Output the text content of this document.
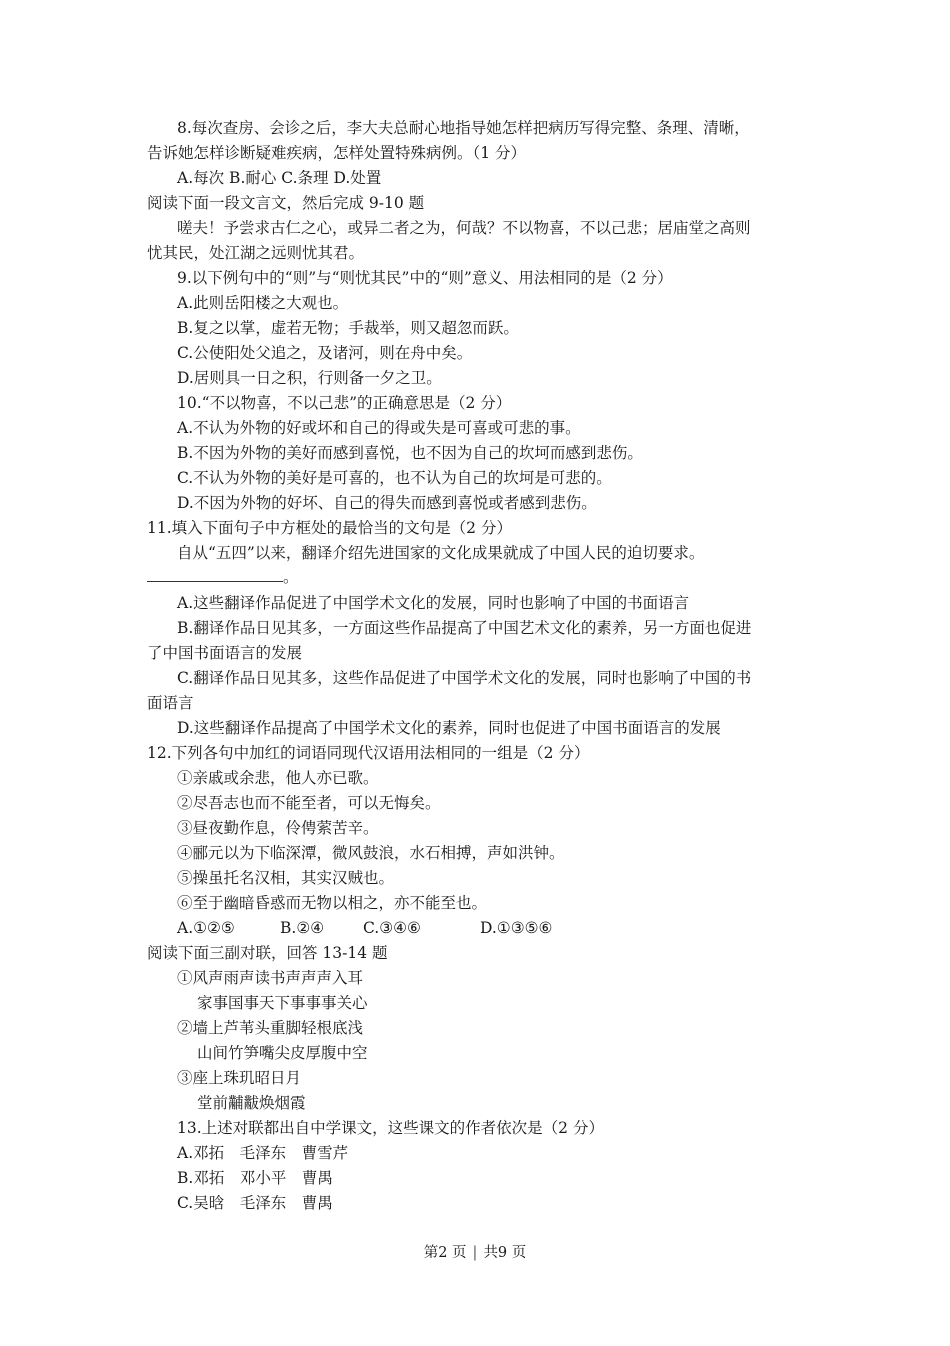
8.每次查房、会诊之后，李大夫总耐心地指导她怎样把病历写得完整、条理、清晰，
告诉她怎样诊断疑难疾病，怎样处置特殊病例。（1 分）
A.每次 B.耐心 C.条理 D.处置
阅读下面一段文言文，然后完成 9-10 题
嗟夫！予尝求古仁之心，或异二者之为，何哉？不以物喜，不以己悲；居庙堂之高则
忧其民，处江湖之远则忧其君。
9.以下例句中的“则”与“则忧其民”中的“则”意义、用法相同的是（2 分）
A.此则岳阳楼之大观也。
B.复之以掌，虚若无物；手裁举，则又超忽而跃。
C.公使阳处父追之，及诸河，则在舟中矣。
D.居则具一日之积，行则备一夕之卫。
10.“不以物喜，不以己悲”的正确意思是（2 分）
A.不认为外物的好或坏和自己的得或失是可喜或可悲的事。
B.不因为外物的美好而感到喜悦，也不因为自己的坎坷而感到悲伤。
C.不认为外物的美好是可喜的，也不认为自己的坎坷是可悲的。
D.不因为外物的好坏、自己的得失而感到喜悦或者感到悲伤。
11.填入下面句子中方框处的最恰当的文句是（2 分）
自从“五四”以来，翻译介绍先进国家的文化成果就成了中国人民的迫切要求。
。
A.这些翻译作品促进了中国学术文化的发展，同时也影响了中国的书面语言
B.翻译作品日见其多，一方面这些作品提高了中国艺术文化的素养，另一方面也促进
了中国书面语言的发展
C.翻译作品日见其多，这些作品促进了中国学术文化的发展，同时也影响了中国的书
面语言
D.这些翻译作品提高了中国学术文化的素养，同时也促进了中国书面语言的发展
12.下列各句中加红的词语同现代汉语用法相同的一组是（2 分）
①亲戚或余悲，他人亦已歌。
②尽吾志也而不能至者，可以无悔矣。
③昼夜勤作息，伶俜萦苦辛。
④郦元以为下临深潭，微风鼓浪，水石相搏，声如洪钟。
⑤操虽托名汉相，其实汉贼也。
⑥至于幽暗昏惑而无物以相之，亦不能至也。
A.①②⑤	B.②④	C.③④⑥	D.①③⑤⑥
阅读下面三副对联，回答 13-14 题
①风声雨声读书声声声入耳
家事国事天下事事事关心
②墙上芦苇头重脚轻根底浅
山间竹笋嘴尖皮厚腹中空
③座上珠玑昭日月
堂前黼黻焕烟霞
13.上述对联都出自中学课文，这些课文的作者依次是（2 分）
A.邓拓　毛泽东　曹雪芹
B.邓拓　邓小平　曹禺
C.吴晗　毛泽东　曹禺
第2 页 | 共9 页
